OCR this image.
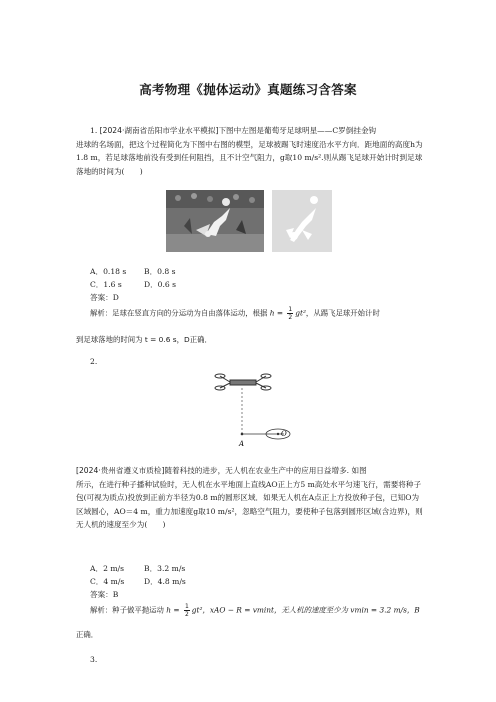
高考物理《抛体运动》真题练习含答案
1. [2024·湖南省岳阳市学业水平模拟]下图中左图是葡萄牙足球明星——C罗倒挂金钩
进球的名场面，把这个过程简化为下图中右图的模型，足球被踢飞时速度沿水平方向．距地面的高度h为1.8 m，若足球落地前没有受到任何阻挡，且不计空气阻力，g取10 m/s².则从踢飞足球开始计时到足球落地的时间为(　　)
A．0.18 s B．0.8 s
C．1.6 s	D．0.6 s
答案：D
解析：足球在竖直方向的分运动为自由落体运动，根据 $h = \frac{1}{2} gt^2$，从踢飞足球开始计时
到足球落地的时间为 t = 0.6 s，D正确．
2.
A
O
[2024·贵州省遵义市质检]随着科技的进步，无人机在农业生产中的应用日益增多. 如图
所示，在进行种子播种试验时，无人机在水平地面上直线AO正上方5 m高处水平匀速飞行，需要将种子包(可视为质点)投放到正前方半径为0.8 m的圆形区域．如果无人机在A点正上方投放种子包，已知O为区域圆心，AO＝4 m，重力加速度g取10 m/s²，忽略空气阻力，要使种子包落到圆形区域(含边界)，则无人机的速度至少为(　　)
A．2 m/s	B．3.2 m/s
C．4 m/s	D．4.8 m/s
答案：B
解析：种子做平抛运动 $h = \frac{1}{2} gt^2$，xAO − R = vmint，无人机的速度至少为 vmin = 3.2 m/s，B
正确．
3.
